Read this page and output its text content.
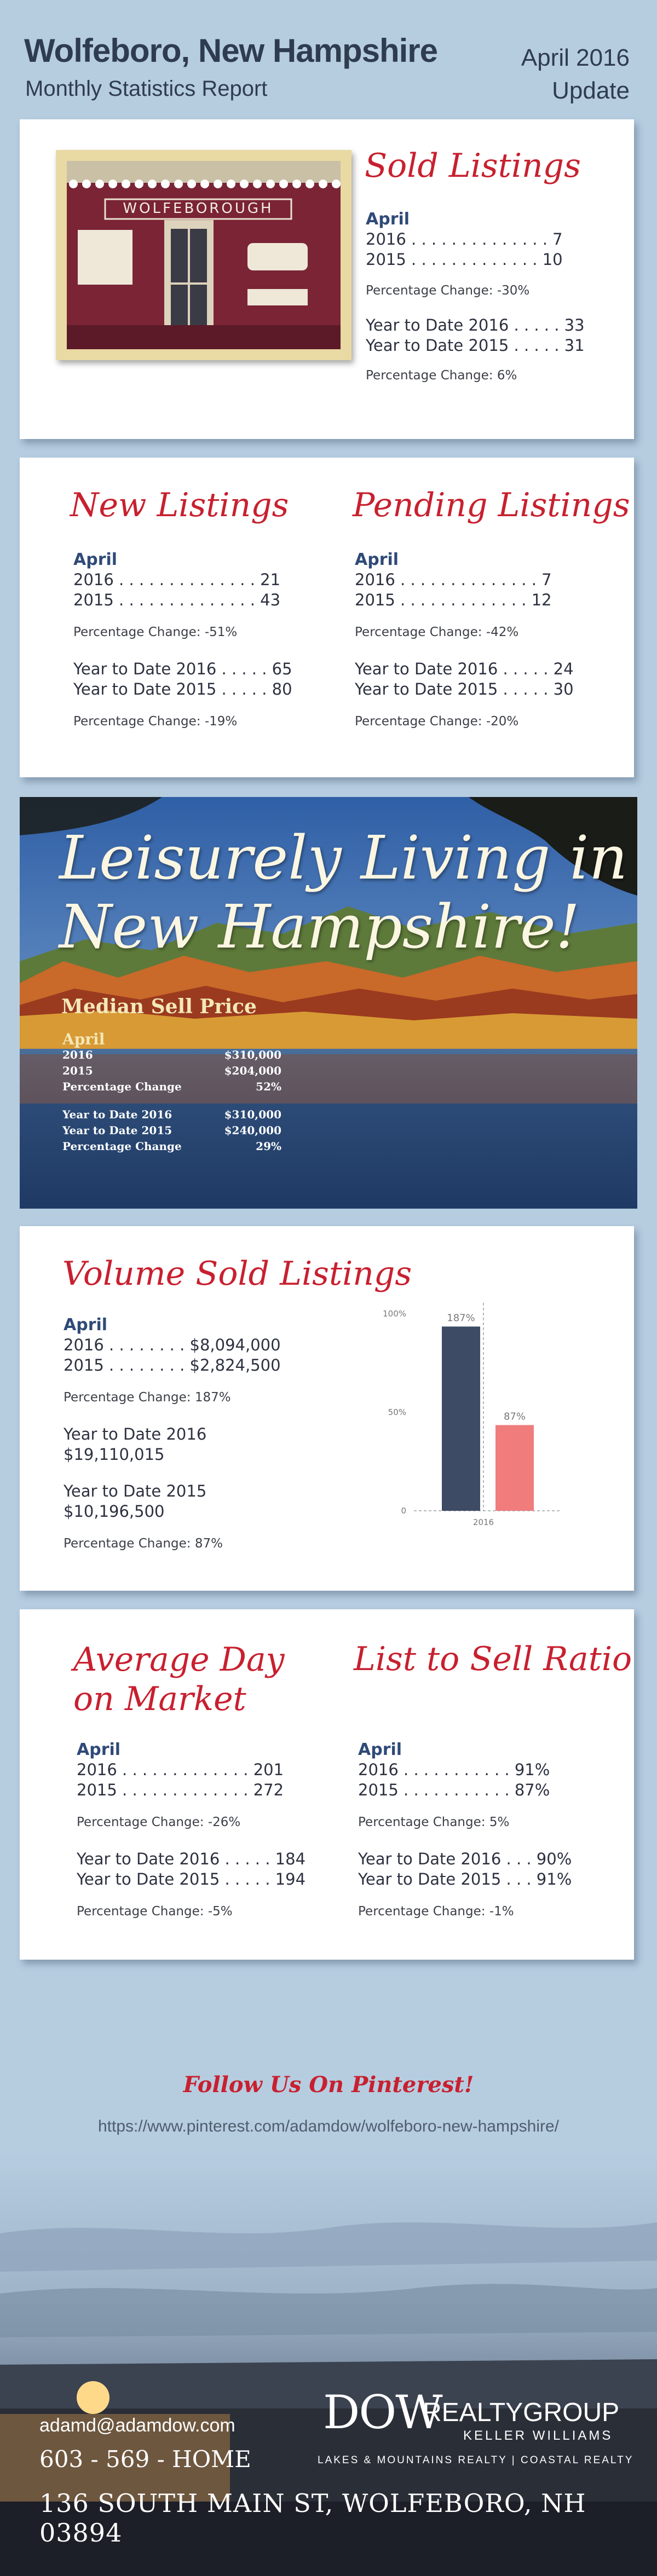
Wolfeboro, New Hampshire
Monthly Statistics Report
April 2016
Update
WOLFEBOROUGH
Sold Listings
April
2016 . . . . . . . . . . . . . . 7
2015 . . . . . . . . . . . . . 10
Percentage Change: -30%
Year to Date 2016 . . . . . 33
Year to Date 2015 . . . . . 31
Percentage Change: 6%
New Listings
April
2016 . . . . . . . . . . . . . . 21
2015 . . . . . . . . . . . . . . 43
Percentage Change: -51%
Year to Date 2016 . . . . . 65
Year to Date 2015 . . . . . 80
Percentage Change: -19%
Pending Listings
April
2016 . . . . . . . . . . . . . . 7
2015 . . . . . . . . . . . . . 12
Percentage Change: -42%
Year to Date 2016 . . . . . 24
Year to Date 2015 . . . . . 30
Percentage Change: -20%
Leisurely Living in
New Hampshire!
Median Sell Price
April
2016	$310,000
2015	$204,000
Percentage Change	52%
Year to Date 2016	$310,000
Year to Date 2015	$240,000
Percentage Change	29%
Volume Sold Listings
April
2016 . . . . . . . . $8,094,000
2015 . . . . . . . . $2,824,500
Percentage Change: 187%
Year to Date 2016
$19,110,015
Year to Date 2015
$10,196,500
Percentage Change: 87%
0
50%
100%	187%
87%
2016
Average Day
on Market
April
2016 . . . . . . . . . . . . . 201
2015 . . . . . . . . . . . . . 272
Percentage Change: -26%
Year to Date 2016 . . . . . 184
Year to Date 2015 . . . . . 194
Percentage Change: -5%
List to Sell Ratio
April
2016 . . . . . . . . . . . 91%
2015 . . . . . . . . . . . 87%
Percentage Change: 5%
Year to Date 2016 . . . 90%
Year to Date 2015 . . . 91%
Percentage Change: -1%
Follow Us On Pinterest!
https://www.pinterest.com/adamdow/wolfeboro-new-hampshire/
adamd@adamdow.com
603 - 569 - HOME
136 SOUTH MAIN ST, WOLFEBORO, NH 03894
DOW
REALTYGROUP
KELLER WILLIAMS
LAKES & MOUNTAINS REALTY | COASTAL REALTY
